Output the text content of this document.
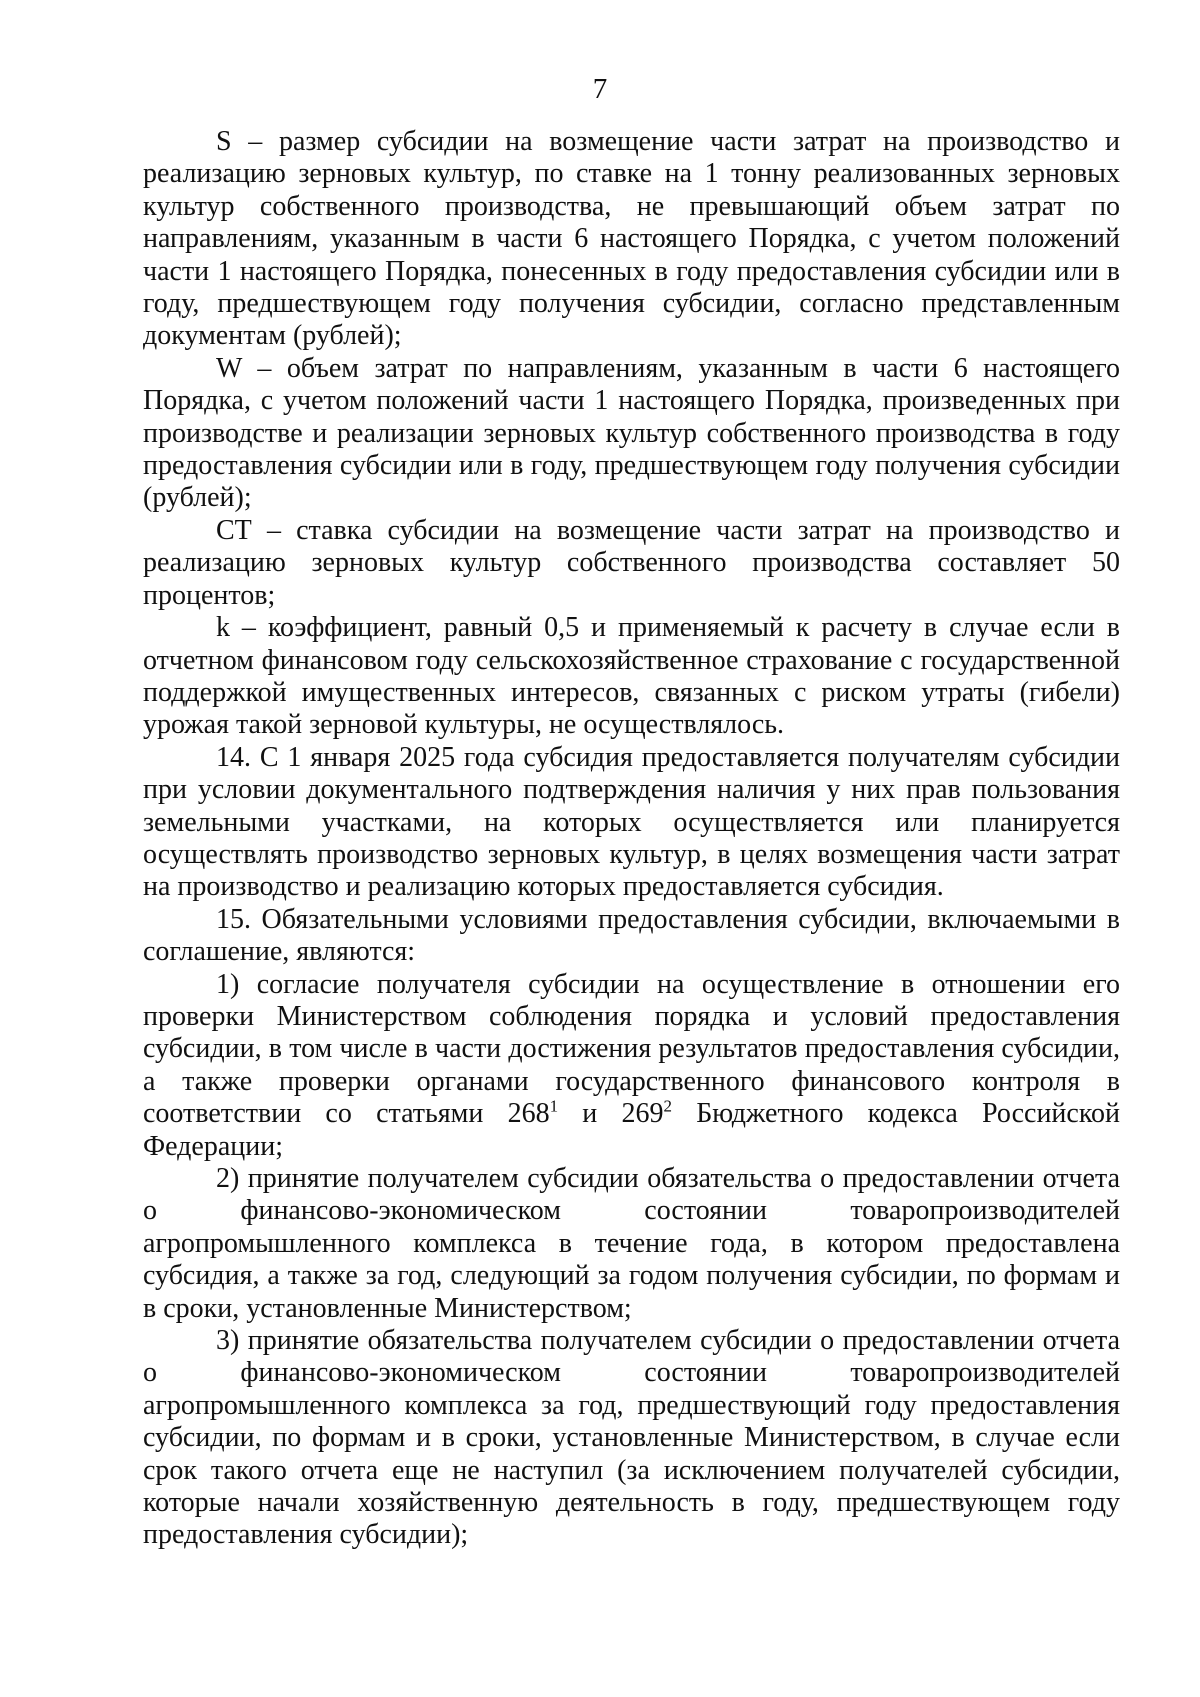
7

S – размер субсидии на возмещение части затрат на производство и реализацию зерновых культур, по ставке на 1 тонну реализованных зерновых культур собственного производства, не превышающий объем затрат по направлениям, указанным в части 6 настоящего Порядка, с учетом положений части 1 настоящего Порядка, понесенных в году предоставления субсидии или в году, предшествующем году получения субсидии, согласно представленным документам (рублей);

W – объем затрат по направлениям, указанным в части 6 настоящего Порядка, с учетом положений части 1 настоящего Порядка, произведенных при производстве и реализации зерновых культур собственного производства в году предоставления субсидии или в году, предшествующем году получения субсидии (рублей);

СТ – ставка субсидии на возмещение части затрат на производство и реализацию зерновых культур собственного производства составляет 50 процентов;

k – коэффициент, равный 0,5 и применяемый к расчету в случае если в отчетном финансовом году сельскохозяйственное страхование с государственной поддержкой имущественных интересов, связанных с риском утраты (гибели) урожая такой зерновой культуры, не осуществлялось.

14. С 1 января 2025 года субсидия предоставляется получателям субсидии при условии документального подтверждения наличия у них прав пользования земельными участками, на которых осуществляется или планируется осуществлять производство зерновых культур, в целях возмещения части затрат на производство и реализацию которых предоставляется субсидия.

15. Обязательными условиями предоставления субсидии, включаемыми в соглашение, являются:

1) согласие получателя субсидии на осуществление в отношении его проверки Министерством соблюдения порядка и условий предоставления субсидии, в том числе в части достижения результатов предоставления субсидии, а также проверки органами государственного финансового контроля в соответствии со статьями $268^1$ и $269^2$ Бюджетного кодекса Российской Федерации;

2) принятие получателем субсидии обязательства о предоставлении отчета о финансово-экономическом состоянии товаропроизводителей агропромышленного комплекса в течение года, в котором предоставлена субсидия, а также за год, следующий за годом получения субсидии, по формам и в сроки, установленные Министерством;

3) принятие обязательства получателем субсидии о предоставлении отчета о финансово-экономическом состоянии товаропроизводителей агропромышленного комплекса за год, предшествующий году предоставления субсидии, по формам и в сроки, установленные Министерством, в случае если срок такого отчета еще не наступил (за исключением получателей субсидии, которые начали хозяйственную деятельность в году, предшествующем году предоставления субсидии);
